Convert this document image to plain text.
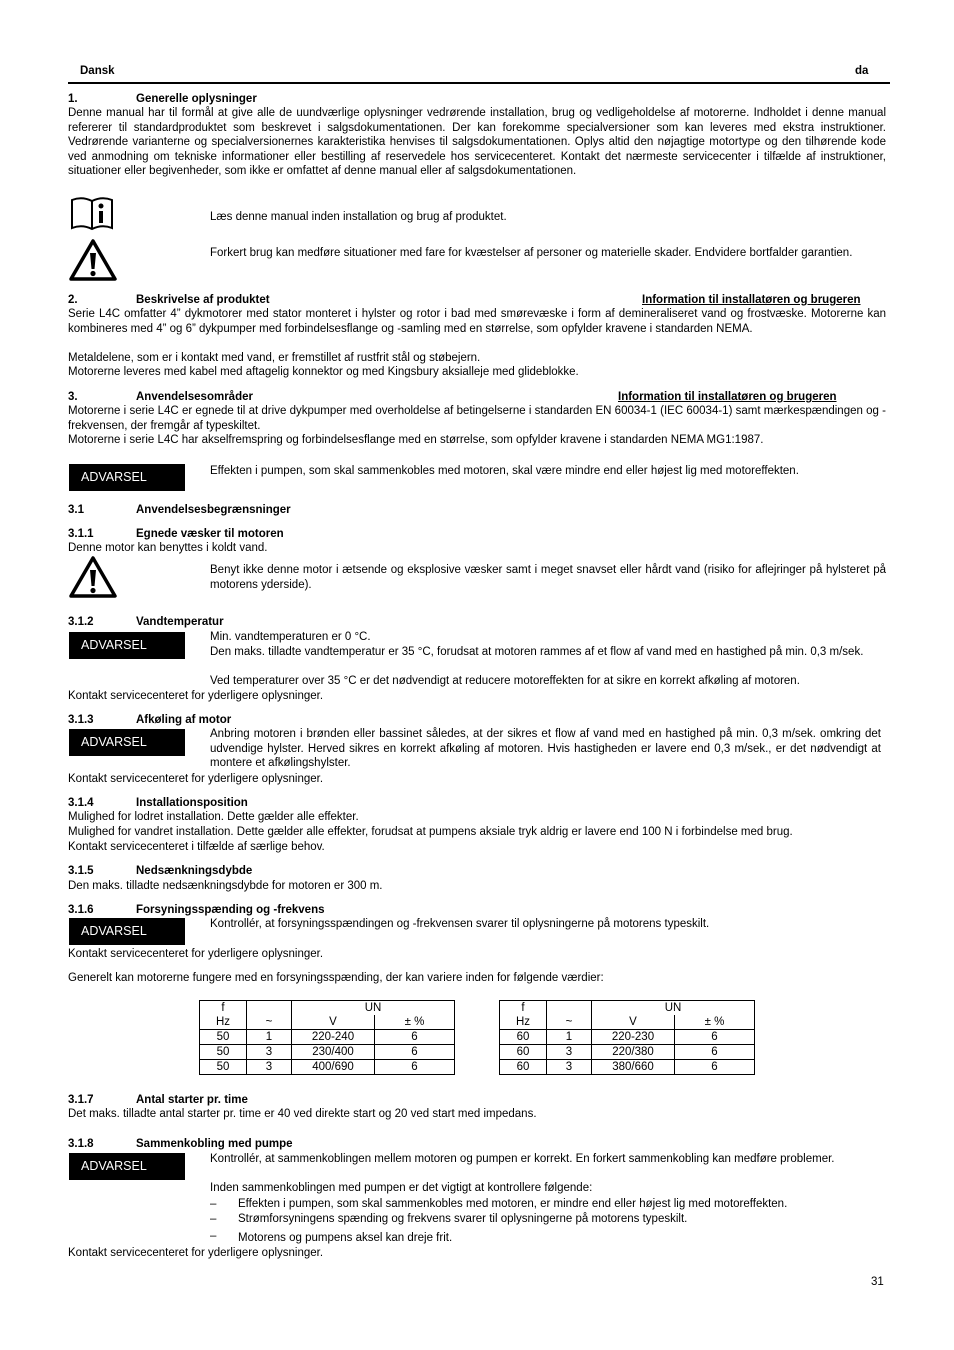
Dansk	da
1.	Generelle oplysninger
Denne manual har til formål at give alle de uundværlige oplysninger vedrørende installation, brug og vedligeholdelse af motorerne. Indholdet i denne manual refererer til standardproduktet som beskrevet i salgsdokumentationen. Der kan forekomme specialversioner som kan leveres med ekstra instruktioner. Vedrørende varianterne og specialversionernes karakteristika henvises til salgsdokumentationen. Oplys altid den nøjagtige motortype og den tilhørende kode ved anmodning om tekniske informationer eller bestilling af reservedele hos servicecenteret. Kontakt det nærmeste servicecenter i tilfælde af instruktioner, situationer eller begivenheder, som ikke er omfattet af denne manual eller af salgsdokumentationen.
Læs denne manual inden installation og brug af produktet.
Forkert brug kan medføre situationer med fare for kvæstelser af personer og materielle skader. Endvidere bortfalder garantien.
2.	Beskrivelse af produktet	Information til installatøren og brugeren
Serie L4C omfatter 4” dykmotorer med stator monteret i hylster og rotor i bad med smørevæske i form af demineraliseret vand og frostvæske. Motorerne kan kombineres med 4” og 6” dykpumper med forbindelsesflange og -samling med en størrelse, som opfylder kravene i standarden NEMA.
Metaldelene, som er i kontakt med vand, er fremstillet af rustfrit stål og støbejern.
Motorerne leveres med kabel med aftagelig konnektor og med Kingsbury aksialleje med glideblokke.
3.	Anvendelsesområder	Information til installatøren og brugeren
Motorerne i serie L4C er egnede til at drive dykpumper med overholdelse af betingelserne i standarden EN 60034-1 (IEC 60034-1) samt mærkespændingen og -frekvensen, der fremgår af typeskiltet.
Motorerne i serie L4C har akselfremspring og forbindelsesflange med en størrelse, som opfylder kravene i standarden NEMA MG1:1987.
ADVARSEL	Effekten i pumpen, som skal sammenkobles med motoren, skal være mindre end eller højest lig med motoreffekten.
3.1	Anvendelsesbegrænsninger
3.1.1	Egnede væsker til motoren
Denne motor kan benyttes i koldt vand.
Benyt ikke denne motor i ætsende og eksplosive væsker samt i meget snavset eller hårdt vand (risiko for aflejringer på hylsteret på motorens yderside).
3.1.2	Vandtemperatur
ADVARSEL
Min. vandtemperaturen er 0 °C.
Den maks. tilladte vandtemperatur er 35 °C, forudsat at motoren rammes af et flow af vand med en hastighed på min. 0,3 m/sek.
Ved temperaturer over 35 °C er det nødvendigt at reducere motoreffekten for at sikre en korrekt afkøling af motoren.
Kontakt servicecenteret for yderligere oplysninger.
3.1.3	Afkøling af motor
ADVARSEL
Anbring motoren i brønden eller bassinet således, at der sikres et flow af vand med en hastighed på min. 0,3 m/sek. omkring det udvendige hylster. Herved sikres en korrekt afkøling af motoren. Hvis hastigheden er lavere end 0,3 m/sek., er det nødvendigt at montere et afkølingshylster.
Kontakt servicecenteret for yderligere oplysninger.
3.1.4	Installationsposition
Mulighed for lodret installation. Dette gælder alle effekter.
Mulighed for vandret installation. Dette gælder alle effekter, forudsat at pumpens aksiale tryk aldrig er lavere end 100 N i forbindelse med brug.
Kontakt servicecenteret i tilfælde af særlige behov.
3.1.5	Nedsænkningsdybde
Den maks. tilladte nedsænkningsdybde for motoren er 300 m.
3.1.6	Forsyningsspænding og -frekvens
ADVARSEL	Kontrollér, at forsyningsspændingen og -frekvensen svarer til oplysningerne på motorens typeskilt.
Kontakt servicecenteret for yderligere oplysninger.
Generelt kan motorerne fungere med en forsyningsspænding, der kan variere inden for følgende værdier:
f		UN	
Hz	~	V	± %
50	1	220-240	6
50	3	230/400	6
50	3	400/690	6
f		UN	
Hz	~	V	± %
60	1	220-230	6
60	3	220/380	6
60	3	380/660	6
3.1.7	Antal starter pr. time
Det maks. tilladte antal starter pr. time er 40 ved direkte start og 20 ved start med impedans.
3.1.8	Sammenkobling med pumpe
ADVARSEL	Kontrollér, at sammenkoblingen mellem motoren og pumpen er korrekt. En forkert sammenkobling kan medføre problemer.
Inden sammenkoblingen med pumpen er det vigtigt at kontrollere følgende:
– Effekten i pumpen, som skal sammenkobles med motoren, er mindre end eller højest lig med motoreffekten.
– Strømforsyningens spænding og frekvens svarer til oplysningerne på motorens typeskilt.
– Motorens og pumpens aksel kan dreje frit.
Kontakt servicecenteret for yderligere oplysninger.
31
